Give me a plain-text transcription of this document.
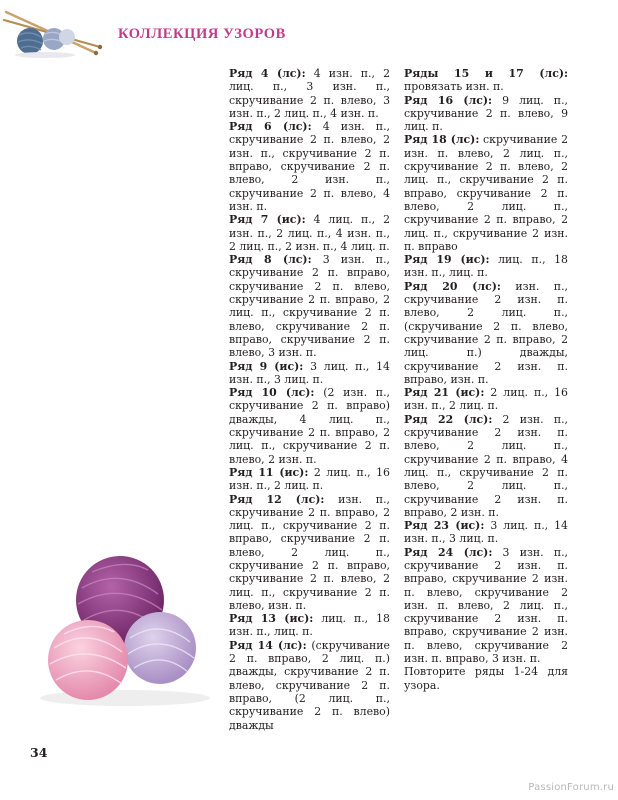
КОЛЛЕКЦИЯ УЗОРОВ

Ряд 4 (лс): 4 изн. п., 2 лиц. п., 3 изн. п., скручивание 2 п. влево, 3 изн. п., 2 лиц. п., 4 изн. п.

Ряд 6 (лс): 4 изн. п., скручивание 2 п. влево, 2 изн. п., скручивание 2 п. вправо, скручивание 2 п. влево, 2 изн. п., скручивание 2 п. влево, 4 изн. п.

Ряд 7 (ис): 4 лиц. п., 2 изн. п., 2 лиц. п., 4 изн. п., 2 лиц. п., 2 изн. п., 4 лиц. п.

Ряд 8 (лс): 3 изн. п., скручивание 2 п. вправо, скручивание 2 п. влево, скручивание 2 п. вправо, 2 лиц. п., скручивание 2 п. влево, скручивание 2 п. вправо, скручивание 2 п. влево, 3 изн. п.

Ряд 9 (ис): 3 лиц. п., 14 изн. п., 3 лиц. п.

Ряд 10 (лс): (2 изн. п., скручивание 2 п. вправо) дважды, 4 лиц. п., скручивание 2 п. вправо, 2 лиц. п., скручивание 2 п. влево, 2 изн. п.

Ряд 11 (ис): 2 лиц. п., 16 изн. п., 2 лиц. п.

Ряд 12 (лс): изн. п., скручивание 2 п. вправо, 2 лиц. п., скручивание 2 п. вправо, скручивание 2 п. влево, 2 лиц. п., скручивание 2 п. вправо, скручивание 2 п. влево, 2 лиц. п., скручивание 2 п. влево, изн. п.

Ряд 13 (ис): лиц. п., 18 изн. п., лиц. п.

Ряд 14 (лс): (скручивание 2 п. вправо, 2 лиц. п.) дважды, скручивание 2 п. влево, скручивание 2 п. вправо, (2 лиц. п., скручивание 2 п. влево) дважды

Ряды 15 и 17 (лс): провязать изн. п.

Ряд 16 (лс): 9 лиц. п., скручивание 2 п. влево, 9 лиц. п.

Ряд 18 (лс): скручивание 2 изн. п. влево, 2 лиц. п., скручивание 2 п. влево, 2 лиц. п., скручивание 2 п. вправо, скручивание 2 п. влево, 2 лиц. п., скручивание 2 п. вправо, 2 лиц. п., скручивание 2 изн. п. вправо

Ряд 19 (ис): лиц. п., 18 изн. п., лиц. п.

Ряд 20 (лс): изн. п., скручивание 2 изн. п. влево, 2 лиц. п., (скручивание 2 п. влево, скручивание 2 п. вправо, 2 лиц. п.) дважды, скручивание 2 изн. п. вправо, изн. п.

Ряд 21 (ис): 2 лиц. п., 16 изн. п., 2 лиц. п.

Ряд 22 (лс): 2 изн. п., скручивание 2 изн. п. влево, 2 лиц. п., скручивание 2 п. вправо, 4 лиц. п., скручивание 2 п. влево, 2 лиц. п., скручивание 2 изн. п. вправо, 2 изн. п.

Ряд 23 (ис): 3 лиц. п., 14 изн. п., 3 лиц. п.

Ряд 24 (лс): 3 изн. п., скручивание 2 изн. п. вправо, скручивание 2 изн. п. влево, скручивание 2 изн. п. влево, 2 лиц. п., скручивание 2 изн. п. вправо, скручивание 2 изн. п. влево, скручивание 2 изн. п. вправо, 3 изн. п.

Повторите ряды 1-24 для узора.

34
PassionForum.ru
